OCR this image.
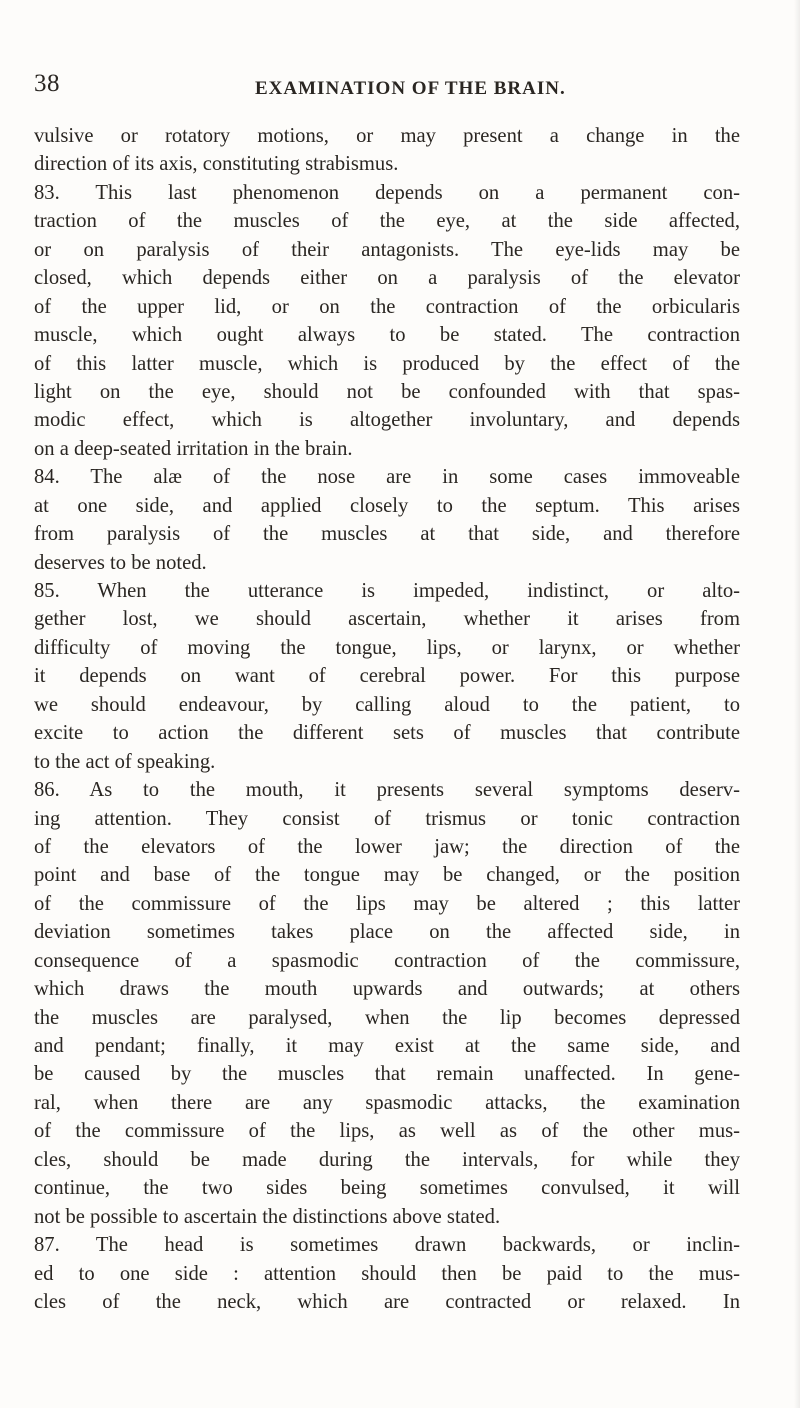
38	EXAMINATION OF THE BRAIN.
vulsive or rotatory motions, or may present a change in the
direction of its axis, constituting strabismus.
83. This last phenomenon depends on a permanent con-
traction of the muscles of the eye, at the side affected,
or on paralysis of their antagonists. The eye-lids may be
closed, which depends either on a paralysis of the elevator
of the upper lid, or on the contraction of the orbicularis
muscle, which ought always to be stated. The contraction
of this latter muscle, which is produced by the effect of the
light on the eye, should not be confounded with that spas-
modic effect, which is altogether involuntary, and depends
on a deep-seated irritation in the brain.
84. The alæ of the nose are in some cases immoveable
at one side, and applied closely to the septum. This arises
from paralysis of the muscles at that side, and therefore
deserves to be noted.
85. When the utterance is impeded, indistinct, or alto-
gether lost, we should ascertain, whether it arises from
difficulty of moving the tongue, lips, or larynx, or whether
it depends on want of cerebral power. For this purpose
we should endeavour, by calling aloud to the patient, to
excite to action the different sets of muscles that contribute
to the act of speaking.
86. As to the mouth, it presents several symptoms deserv-
ing attention. They consist of trismus or tonic contraction
of the elevators of the lower jaw; the direction of the
point and base of the tongue may be changed, or the position
of the commissure of the lips may be altered ; this latter
deviation sometimes takes place on the affected side, in
consequence of a spasmodic contraction of the commissure,
which draws the mouth upwards and outwards; at others
the muscles are paralysed, when the lip becomes depressed
and pendant; finally, it may exist at the same side, and
be caused by the muscles that remain unaffected. In gene-
ral, when there are any spasmodic attacks, the examination
of the commissure of the lips, as well as of the other mus-
cles, should be made during the intervals, for while they
continue, the two sides being sometimes convulsed, it will
not be possible to ascertain the distinctions above stated.
87. The head is sometimes drawn backwards, or inclin-
ed to one side : attention should then be paid to the mus-
cles of the neck, which are contracted or relaxed. In
